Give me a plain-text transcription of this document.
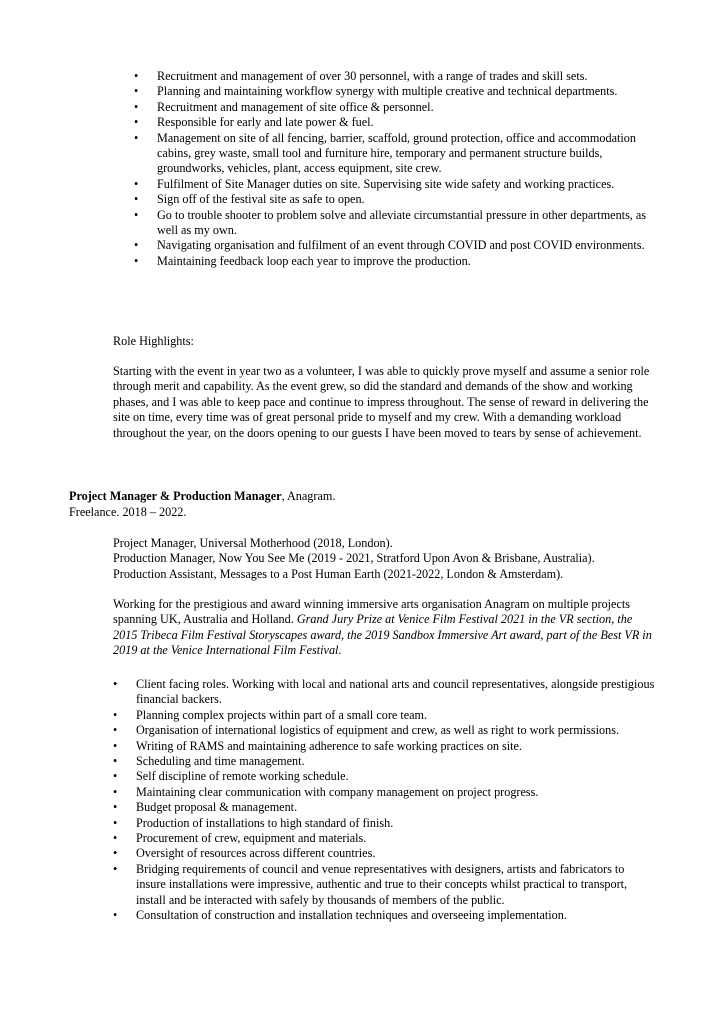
• Recruitment and management of over 30 personnel, with a range of trades and skill sets.
• Planning and maintaining workflow synergy with multiple creative and technical departments.
• Recruitment and management of site office & personnel.
• Responsible for early and late power & fuel.
• Management on site of all fencing, barrier, scaffold, ground protection, office and accommodation cabins, grey waste, small tool and furniture hire, temporary and permanent structure builds, groundworks, vehicles, plant, access equipment, site crew.
• Fulfilment of Site Manager duties on site. Supervising site wide safety and working practices.
• Sign off of the festival site as safe to open.
• Go to trouble shooter to problem solve and alleviate circumstantial pressure in other departments, as well as my own.
• Navigating organisation and fulfilment of an event through COVID and post COVID environments.
• Maintaining feedback loop each year to improve the production.

Role Highlights:

Starting with the event in year two as a volunteer, I was able to quickly prove myself and assume a senior role through merit and capability. As the event grew, so did the standard and demands of the show and working phases, and I was able to keep pace and continue to impress throughout. The sense of reward in delivering the site on time, every time was of great personal pride to myself and my crew. With a demanding workload throughout the year, on the doors opening to our guests I have been moved to tears by sense of achievement.

Project Manager & Production Manager, Anagram.

Freelance. 2018 – 2022.

Project Manager, Universal Motherhood (2018, London).
Production Manager, Now You See Me (2019 - 2021, Stratford Upon Avon & Brisbane, Australia).
Production Assistant, Messages to a Post Human Earth (2021-2022, London & Amsterdam).

Working for the prestigious and award winning immersive arts organisation Anagram on multiple projects spanning UK, Australia and Holland. Grand Jury Prize at Venice Film Festival 2021 in the VR section, the 2015 Tribeca Film Festival Storyscapes award, the 2019 Sandbox Immersive Art award, part of the Best VR in 2019 at the Venice International Film Festival.

• Client facing roles. Working with local and national arts and council representatives, alongside prestigious financial backers.
• Planning complex projects within part of a small core team.
• Organisation of international logistics of equipment and crew, as well as right to work permissions.
• Writing of RAMS and maintaining adherence to safe working practices on site.
• Scheduling and time management.
• Self discipline of remote working schedule.
• Maintaining clear communication with company management on project progress.
• Budget proposal & management.
• Production of installations to high standard of finish.
• Procurement of crew, equipment and materials.
• Oversight of resources across different countries.
• Bridging requirements of council and venue representatives with designers, artists and fabricators to insure installations were impressive, authentic and true to their concepts whilst practical to transport, install and be interacted with safely by thousands of members of the public.
• Consultation of construction and installation techniques and overseeing implementation.
